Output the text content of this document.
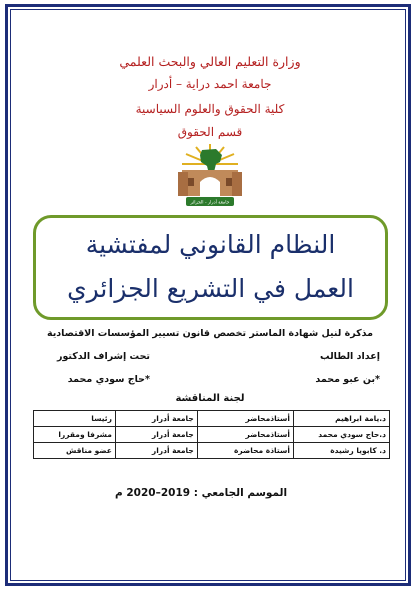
وزارة التعليم العالي والبحث العلمي
جامعة احمد دراية – أدرار
كلية الحقوق والعلوم السياسية
قسم الحقوق
جامعة أدرار - الجزائر
النظام القانوني لمفتشية
العمل في التشريع الجزائري
مذكرة لنيل شهادة الماستر تخصص قانون تسيير المؤسسات الاقتصادية
إعداد الطالب
تحت إشراف الدكتور
*بن عبو محمد
*حاج سودي محمد
لجنة المناقشة
د.يامة ابراهيم	أستاذمحاضر	جامعة أدرار	رئيسا
د.حاج سودي محمد	أستاذمحاضر	جامعة أدرار	مشرفا ومقررا
د. كابويا رشيدة	أستاذة محاضرة	جامعة أدرار	عضو مناقش
الموسم الجامعي : 2019–2020 م
